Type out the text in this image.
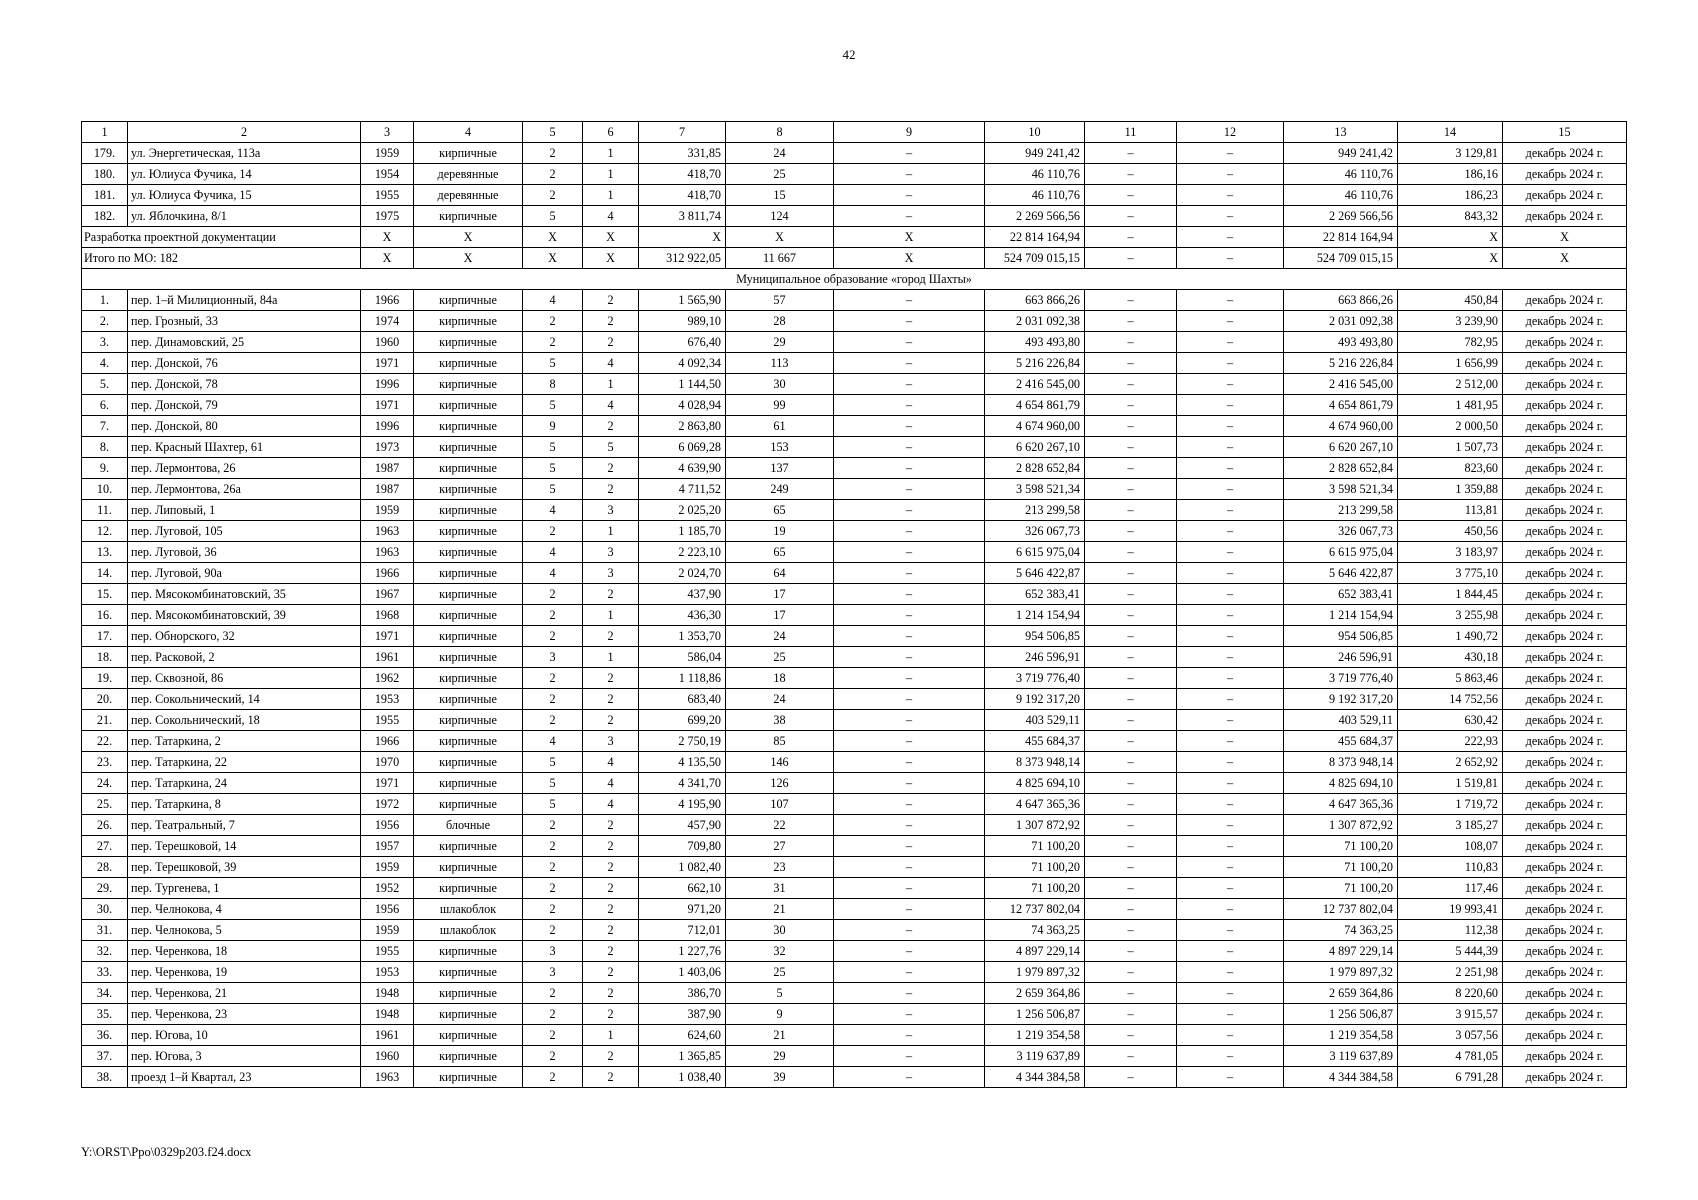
42
1	2	3	4	5	6	7	8	9	10	11	12	13	14	15
179.	ул. Энергетическая, 113а	1959	кирпичные	2	1	331,85	24	–	949 241,42	–	–	949 241,42	3 129,81	декабрь 2024 г.
180.	ул. Юлиуса Фучика, 14	1954	деревянные	2	1	418,70	25	–	46 110,76	–	–	46 110,76	186,16	декабрь 2024 г.
181.	ул. Юлиуса Фучика, 15	1955	деревянные	2	1	418,70	15	–	46 110,76	–	–	46 110,76	186,23	декабрь 2024 г.
182.	ул. Яблочкина, 8/1	1975	кирпичные	5	4	3 811,74	124	–	2 269 566,56	–	–	2 269 566,56	843,32	декабрь 2024 г.
Разработка проектной документации		X	X	X	X	X	X	X	22 814 164,94	–	–	22 814 164,94	X	X
Итого по МО: 182		X	X	X	X	312 922,05	11 667	X	524 709 015,15	–	–	524 709 015,15	X	X
Муниципальное образование «город Шахты»														
1.	пер. 1–й Милиционный, 84а	1966	кирпичные	4	2	1 565,90	57	–	663 866,26	–	–	663 866,26	450,84	декабрь 2024 г.
2.	пер. Грозный, 33	1974	кирпичные	2	2	989,10	28	–	2 031 092,38	–	–	2 031 092,38	3 239,90	декабрь 2024 г.
3.	пер. Динамовский, 25	1960	кирпичные	2	2	676,40	29	–	493 493,80	–	–	493 493,80	782,95	декабрь 2024 г.
4.	пер. Донской, 76	1971	кирпичные	5	4	4 092,34	113	–	5 216 226,84	–	–	5 216 226,84	1 656,99	декабрь 2024 г.
5.	пер. Донской, 78	1996	кирпичные	8	1	1 144,50	30	–	2 416 545,00	–	–	2 416 545,00	2 512,00	декабрь 2024 г.
6.	пер. Донской, 79	1971	кирпичные	5	4	4 028,94	99	–	4 654 861,79	–	–	4 654 861,79	1 481,95	декабрь 2024 г.
7.	пер. Донской, 80	1996	кирпичные	9	2	2 863,80	61	–	4 674 960,00	–	–	4 674 960,00	2 000,50	декабрь 2024 г.
8.	пер. Красный Шахтер, 61	1973	кирпичные	5	5	6 069,28	153	–	6 620 267,10	–	–	6 620 267,10	1 507,73	декабрь 2024 г.
9.	пер. Лермонтова, 26	1987	кирпичные	5	2	4 639,90	137	–	2 828 652,84	–	–	2 828 652,84	823,60	декабрь 2024 г.
10.	пер. Лермонтова, 26а	1987	кирпичные	5	2	4 711,52	249	–	3 598 521,34	–	–	3 598 521,34	1 359,88	декабрь 2024 г.
11.	пер. Липовый, 1	1959	кирпичные	4	3	2 025,20	65	–	213 299,58	–	–	213 299,58	113,81	декабрь 2024 г.
12.	пер. Луговой, 105	1963	кирпичные	2	1	1 185,70	19	–	326 067,73	–	–	326 067,73	450,56	декабрь 2024 г.
13.	пер. Луговой, 36	1963	кирпичные	4	3	2 223,10	65	–	6 615 975,04	–	–	6 615 975,04	3 183,97	декабрь 2024 г.
14.	пер. Луговой, 90а	1966	кирпичные	4	3	2 024,70	64	–	5 646 422,87	–	–	5 646 422,87	3 775,10	декабрь 2024 г.
15.	пер. Мясокомбинатовский, 35	1967	кирпичные	2	2	437,90	17	–	652 383,41	–	–	652 383,41	1 844,45	декабрь 2024 г.
16.	пер. Мясокомбинатовский, 39	1968	кирпичные	2	1	436,30	17	–	1 214 154,94	–	–	1 214 154,94	3 255,98	декабрь 2024 г.
17.	пер. Обнорского, 32	1971	кирпичные	2	2	1 353,70	24	–	954 506,85	–	–	954 506,85	1 490,72	декабрь 2024 г.
18.	пер. Расковой, 2	1961	кирпичные	3	1	586,04	25	–	246 596,91	–	–	246 596,91	430,18	декабрь 2024 г.
19.	пер. Сквозной, 86	1962	кирпичные	2	2	1 118,86	18	–	3 719 776,40	–	–	3 719 776,40	5 863,46	декабрь 2024 г.
20.	пер. Сокольнический, 14	1953	кирпичные	2	2	683,40	24	–	9 192 317,20	–	–	9 192 317,20	14 752,56	декабрь 2024 г.
21.	пер. Сокольнический, 18	1955	кирпичные	2	2	699,20	38	–	403 529,11	–	–	403 529,11	630,42	декабрь 2024 г.
22.	пер. Татаркина, 2	1966	кирпичные	4	3	2 750,19	85	–	455 684,37	–	–	455 684,37	222,93	декабрь 2024 г.
23.	пер. Татаркина, 22	1970	кирпичные	5	4	4 135,50	146	–	8 373 948,14	–	–	8 373 948,14	2 652,92	декабрь 2024 г.
24.	пер. Татаркина, 24	1971	кирпичные	5	4	4 341,70	126	–	4 825 694,10	–	–	4 825 694,10	1 519,81	декабрь 2024 г.
25.	пер. Татаркина, 8	1972	кирпичные	5	4	4 195,90	107	–	4 647 365,36	–	–	4 647 365,36	1 719,72	декабрь 2024 г.
26.	пер. Театральный, 7	1956	блочные	2	2	457,90	22	–	1 307 872,92	–	–	1 307 872,92	3 185,27	декабрь 2024 г.
27.	пер. Терешковой, 14	1957	кирпичные	2	2	709,80	27	–	71 100,20	–	–	71 100,20	108,07	декабрь 2024 г.
28.	пер. Терешковой, 39	1959	кирпичные	2	2	1 082,40	23	–	71 100,20	–	–	71 100,20	110,83	декабрь 2024 г.
29.	пер. Тургенева, 1	1952	кирпичные	2	2	662,10	31	–	71 100,20	–	–	71 100,20	117,46	декабрь 2024 г.
30.	пер. Челнокова, 4	1956	шлакоблок	2	2	971,20	21	–	12 737 802,04	–	–	12 737 802,04	19 993,41	декабрь 2024 г.
31.	пер. Челнокова, 5	1959	шлакоблок	2	2	712,01	30	–	74 363,25	–	–	74 363,25	112,38	декабрь 2024 г.
32.	пер. Черенкова, 18	1955	кирпичные	3	2	1 227,76	32	–	4 897 229,14	–	–	4 897 229,14	5 444,39	декабрь 2024 г.
33.	пер. Черенкова, 19	1953	кирпичные	3	2	1 403,06	25	–	1 979 897,32	–	–	1 979 897,32	2 251,98	декабрь 2024 г.
34.	пер. Черенкова, 21	1948	кирпичные	2	2	386,70	5	–	2 659 364,86	–	–	2 659 364,86	8 220,60	декабрь 2024 г.
35.	пер. Черенкова, 23	1948	кирпичные	2	2	387,90	9	–	1 256 506,87	–	–	1 256 506,87	3 915,57	декабрь 2024 г.
36.	пер. Югова, 10	1961	кирпичные	2	1	624,60	21	–	1 219 354,58	–	–	1 219 354,58	3 057,56	декабрь 2024 г.
37.	пер. Югова, 3	1960	кирпичные	2	2	1 365,85	29	–	3 119 637,89	–	–	3 119 637,89	4 781,05	декабрь 2024 г.
38.	проезд 1–й Квартал, 23	1963	кирпичные	2	2	1 038,40	39	–	4 344 384,58	–	–	4 344 384,58	6 791,28	декабрь 2024 г.
Y:\ORST\Ppo\0329p203.f24.docx
